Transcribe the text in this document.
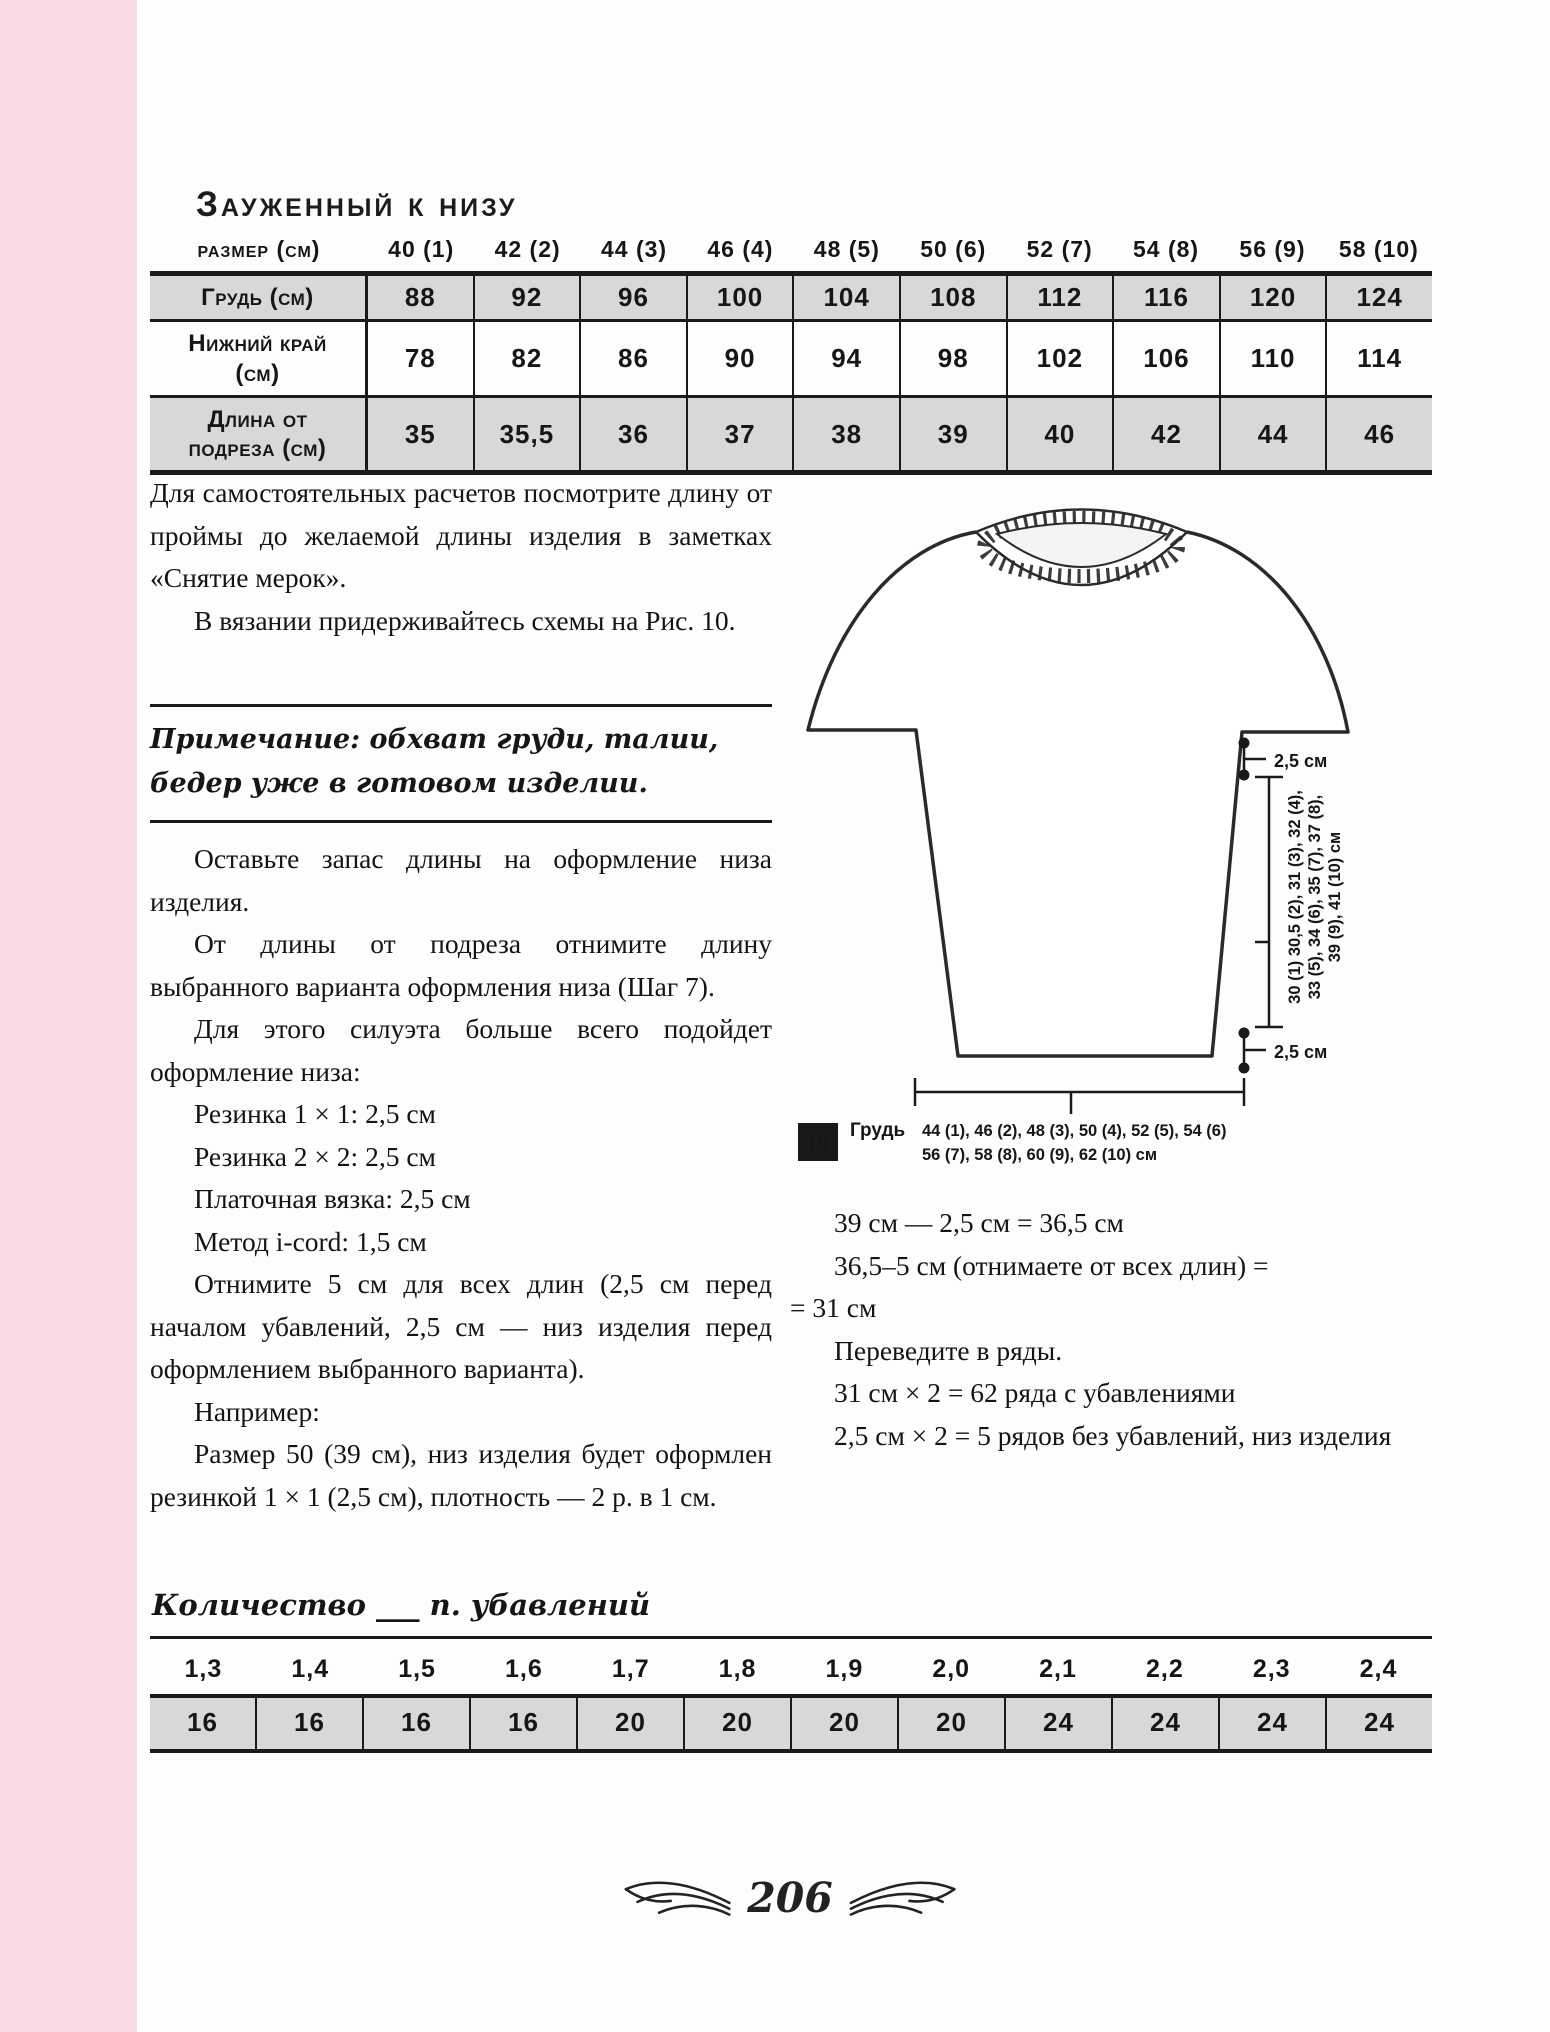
Зауженный к низу
размер (см)	40 (1)	42 (2)	44 (3)	46 (4)	48 (5)	50 (6)	52 (7)	54 (8)	56 (9)	58 (10)
Грудь (см)	88	92	96	100	104	108	112	116	120	124
Нижний край (см)	78	82	86	90	94	98	102	106	110	114
Длина от подреза (см)	35	35,5	36	37	38	39	40	42	44	46

Для самостоятельных расчетов посмотрите длину от проймы до желаемой длины изделия в заметках «Снятие мерок».

В вязании придерживайтесь схемы на Рис. 10.

Примечание: обхват груди, талии, бедер уже в готовом изделии.

Оставьте запас длины на оформление низа изделия.

От длины от подреза отнимите длину выбранного варианта оформления низа (Шаг 7).

Для этого силуэта больше всего подойдет оформление низа:

Резинка 1 × 1: 2,5 см

Резинка 2 × 2: 2,5 см

Платочная вязка: 2,5 см

Метод i-cord: 1,5 см

Отнимите 5 см для всех длин (2,5 см перед началом убавлений, 2,5 см — низ изделия перед оформлением выбранного варианта).

Например:

Размер 50 (39 см), низ изделия будет оформлен резинкой 1 × 1 (2,5 см), плотность — 2 р. в 1 см.

2,5 см
2,5 см
30 (1) 30,5 (2), 31 (3), 32 (4), 33 (5), 34 (6), 35 (7), 37 (8), 39 (9), 41 (10) см
10
Грудь 44 (1), 46 (2), 48 (3), 50 (4), 52 (5), 54 (6)
56 (7), 58 (8), 60 (9), 62 (10) см

39 см — 2,5 см = 36,5 см

36,5–5 см (отнимаете от всех длин) =

= 31 см

Переведите в ряды.

31 см × 2 = 62 ряда с убавлениями

2,5 см × 2 = 5 рядов без убавлений, низ изделия

Количество ___ п. убавлений
1,3	1,4	1,5	1,6	1,7	1,8	1,9	2,0	2,1	2,2	2,3	2,4
16	16	16	16	20	20	20	20	24	24	24	24
206
